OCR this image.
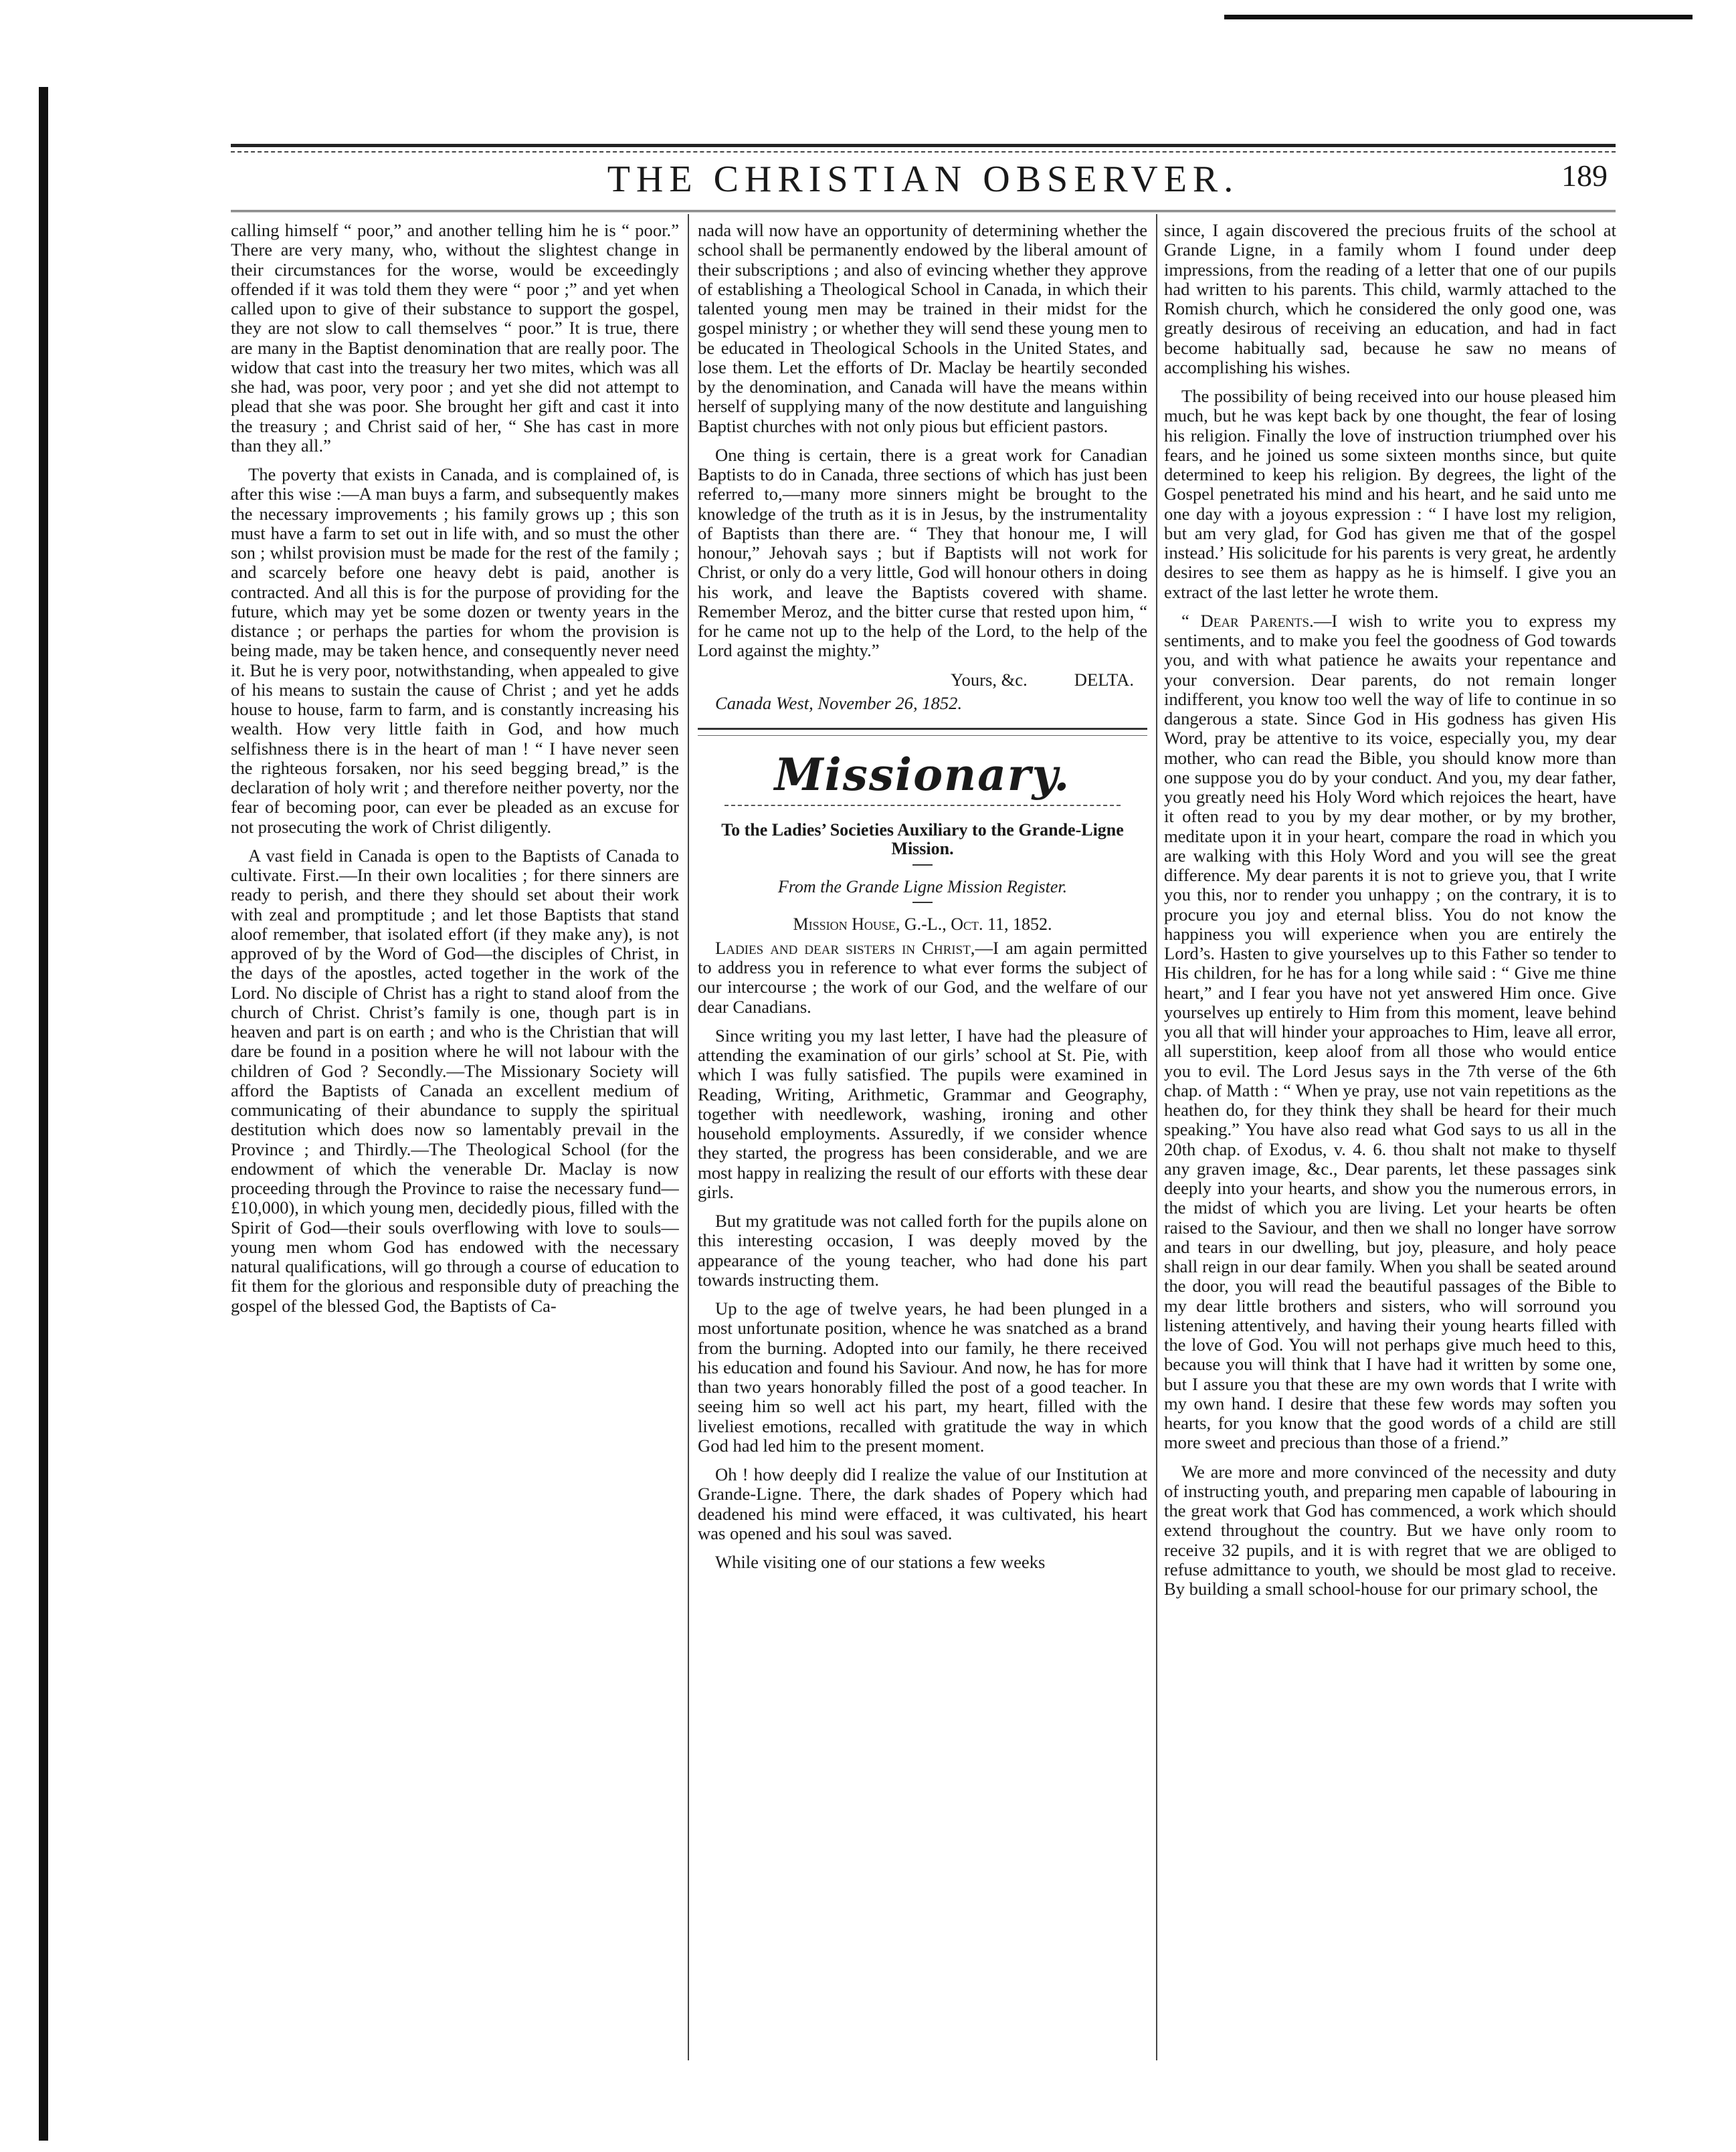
THE CHRISTIAN OBSERVER.	189

calling himself “ poor,” and another telling him he is “ poor.” There are very many, who, without the slightest change in their circumstances for the worse, would be exceedingly offended if it was told them they were “ poor ;” and yet when called upon to give of their substance to support the gospel, they are not slow to call themselves “ poor.” It is true, there are many in the Baptist denomination that are really poor. The widow that cast into the treasury her two mites, which was all she had, was poor, very poor ; and yet she did not attempt to plead that she was poor. She brought her gift and cast it into the treasury ; and Christ said of her, “ She has cast in more than they all.”

The poverty that exists in Canada, and is complained of, is after this wise :—A man buys a farm, and subsequently makes the necessary improvements ; his family grows up ; this son must have a farm to set out in life with, and so must the other son ; whilst provision must be made for the rest of the family ; and scarcely before one heavy debt is paid, another is contracted. And all this is for the purpose of providing for the future, which may yet be some dozen or twenty years in the distance ; or perhaps the parties for whom the provision is being made, may be taken hence, and consequently never need it. But he is very poor, notwithstanding, when appealed to give of his means to sustain the cause of Christ ; and yet he adds house to house, farm to farm, and is constantly increasing his wealth. How very little faith in God, and how much selfishness there is in the heart of man ! “ I have never seen the righteous forsaken, nor his seed begging bread,” is the declaration of holy writ ; and therefore neither poverty, nor the fear of becoming poor, can ever be pleaded as an excuse for not prosecuting the work of Christ diligently.

A vast field in Canada is open to the Baptists of Canada to cultivate. First.—In their own localities ; for there sinners are ready to perish, and there they should set about their work with zeal and promptitude ; and let those Baptists that stand aloof remember, that isolated effort (if they make any), is not approved of by the Word of God—the disciples of Christ, in the days of the apostles, acted together in the work of the Lord. No disciple of Christ has a right to stand aloof from the church of Christ. Christ’s family is one, though part is in heaven and part is on earth ; and who is the Christian that will dare be found in a position where he will not labour with the children of God ? Secondly.—The Missionary Society will afford the Baptists of Canada an excellent medium of communicating of their abundance to supply the spiritual destitution which does now so lamentably prevail in the Province ; and Thirdly.—The Theological School (for the endowment of which the venerable Dr. Maclay is now proceeding through the Province to raise the necessary fund—£10,000), in which young men, decidedly pious, filled with the Spirit of God—their souls overflowing with love to souls—young men whom God has endowed with the necessary natural qualifications, will go through a course of education to fit them for the glorious and responsible duty of preaching the gospel of the blessed God, the Baptists of Ca-

nada will now have an opportunity of determining whether the school shall be permanently endowed by the liberal amount of their subscriptions ; and also of evincing whether they approve of establishing a Theological School in Canada, in which their talented young men may be trained in their midst for the gospel ministry ; or whether they will send these young men to be educated in Theological Schools in the United States, and lose them. Let the efforts of Dr. Maclay be heartily seconded by the denomination, and Canada will have the means within herself of supplying many of the now destitute and languishing Baptist churches with not only pious but efficient pastors.

One thing is certain, there is a great work for Canadian Baptists to do in Canada, three sections of which has just been referred to,—many more sinners might be brought to the knowledge of the truth as it is in Jesus, by the instrumentality of Baptists than there are. “ They that honour me, I will honour,” Jehovah says ; but if Baptists will not work for Christ, or only do a very little, God will honour others in doing his work, and leave the Baptists covered with shame. Remember Meroz, and the bitter curse that rested upon him, “ for he came not up to the help of the Lord, to the help of the Lord against the mighty.”

Yours, &c.	DELTA.
Canada West, November 26, 1852.
Missionary.
To the Ladies’ Societies Auxiliary to the Grande-Ligne Mission.
From the Grande Ligne Mission Register.
Mission House, G.-L., Oct. 11, 1852.

Ladies and dear sisters in Christ,—I am again permitted to address you in reference to what ever forms the subject of our intercourse ; the work of our God, and the welfare of our dear Canadians.

Since writing you my last letter, I have had the pleasure of attending the examination of our girls’ school at St. Pie, with which I was fully satisfied. The pupils were examined in Reading, Writing, Arithmetic, Grammar and Geography, together with needlework, washing, ironing and other household employments. Assuredly, if we consider whence they started, the progress has been considerable, and we are most happy in realizing the result of our efforts with these dear girls.

But my gratitude was not called forth for the pupils alone on this interesting occasion, I was deeply moved by the appearance of the young teacher, who had done his part towards instructing them.

Up to the age of twelve years, he had been plunged in a most unfortunate position, whence he was snatched as a brand from the burning. Adopted into our family, he there received his education and found his Saviour. And now, he has for more than two years honorably filled the post of a good teacher. In seeing him so well act his part, my heart, filled with the liveliest emotions, recalled with gratitude the way in which God had led him to the present moment.

Oh ! how deeply did I realize the value of our Institution at Grande-Ligne. There, the dark shades of Popery which had deadened his mind were effaced, it was cultivated, his heart was opened and his soul was saved.

While visiting one of our stations a few weeks

since, I again discovered the precious fruits of the school at Grande Ligne, in a family whom I found under deep impressions, from the reading of a letter that one of our pupils had written to his parents. This child, warmly attached to the Romish church, which he considered the only good one, was greatly desirous of receiving an education, and had in fact become habitually sad, because he saw no means of accomplishing his wishes.

The possibility of being received into our house pleased him much, but he was kept back by one thought, the fear of losing his religion. Finally the love of instruction triumphed over his fears, and he joined us some sixteen months since, but quite determined to keep his religion. By degrees, the light of the Gospel penetrated his mind and his heart, and he said unto me one day with a joyous expression : “ I have lost my religion, but am very glad, for God has given me that of the gospel instead.’ His solicitude for his parents is very great, he ardently desires to see them as happy as he is himself. I give you an extract of the last letter he wrote them.

“ Dear Parents.—I wish to write you to express my sentiments, and to make you feel the goodness of God towards you, and with what patience he awaits your repentance and your conversion. Dear parents, do not remain longer indifferent, you know too well the way of life to continue in so dangerous a state. Since God in His godness has given His Word, pray be attentive to its voice, especially you, my dear mother, who can read the Bible, you should know more than one suppose you do by your conduct. And you, my dear father, you greatly need his Holy Word which rejoices the heart, have it often read to you by my dear mother, or by my brother, meditate upon it in your heart, compare the road in which you are walking with this Holy Word and you will see the great difference. My dear parents it is not to grieve you, that I write you this, nor to render you unhappy ; on the contrary, it is to procure you joy and eternal bliss. You do not know the happiness you will experience when you are entirely the Lord’s. Hasten to give yourselves up to this Father so tender to His children, for he has for a long while said : “ Give me thine heart,” and I fear you have not yet answered Him once. Give yourselves up entirely to Him from this moment, leave behind you all that will hinder your approaches to Him, leave all error, all superstition, keep aloof from all those who would entice you to evil. The Lord Jesus says in the 7th verse of the 6th chap. of Matth : “ When ye pray, use not vain repetitions as the heathen do, for they think they shall be heard for their much speaking.” You have also read what God says to us all in the 20th chap. of Exodus, v. 4. 6. thou shalt not make to thyself any graven image, &c., Dear parents, let these passages sink deeply into your hearts, and show you the numerous errors, in the midst of which you are living. Let your hearts be often raised to the Saviour, and then we shall no longer have sorrow and tears in our dwelling, but joy, pleasure, and holy peace shall reign in our dear family. When you shall be seated around the door, you will read the beautiful passages of the Bible to my dear little brothers and sisters, who will sorround you listening attentively, and having their young hearts filled with the love of God. You will not perhaps give much heed to this, because you will think that I have had it written by some one, but I assure you that these are my own words that I write with my own hand. I desire that these few words may soften you hearts, for you know that the good words of a child are still more sweet and precious than those of a friend.”

We are more and more convinced of the necessity and duty of instructing youth, and preparing men capable of labouring in the great work that God has commenced, a work which should extend throughout the country. But we have only room to receive 32 pupils, and it is with regret that we are obliged to refuse admittance to youth, we should be most glad to receive. By building a small school-house for our primary school, the
